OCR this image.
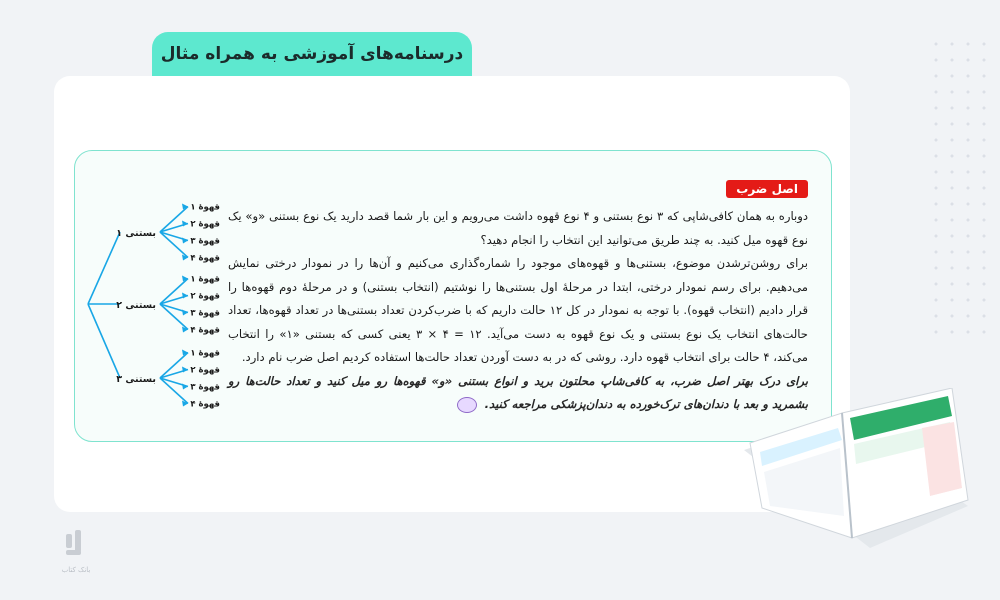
درسنامه‌های آموزشی به همراه مثال
اصل ضرب

دوباره به همان کافی‌شاپی که ۳ نوع بستنی و ۴ نوع قهوه داشت می‌رویم و این بار شما قصد دارید یک نوع بستنی «و» یک نوع قهوه میل کنید. به چند طریق می‌توانید این انتخاب را انجام دهید؟

برای روشن‌ترشدن موضوع، بستنی‌ها و قهوه‌های موجود را شماره‌گذاری می‌کنیم و آن‌ها را در نمودار درختی نمایش می‌دهیم. برای رسم نمودار درختی، ابتدا در مرحلهٔ اول بستنی‌ها را نوشتیم (انتخاب بستنی) و در مرحلهٔ دوم قهوه‌ها را قرار دادیم (انتخاب قهوه). با توجه به نمودار در کل ۱۲ حالت داریم که با ضرب‌کردن تعداد بستنی‌ها در تعداد قهوه‌ها، تعداد حالت‌های انتخاب یک نوع بستنی و یک نوع قهوه به دست می‌آید. ۱۲ = ۴ × ۳ یعنی کسی که بستنی «۱» را انتخاب می‌کند، ۴ حالت برای انتخاب قهوه دارد. روشی که در به دست آوردن تعداد حالت‌ها استفاده کردیم اصل ضرب نام دارد.

برای درک بهتر اصل ضرب، به کافی‌شاپ محلتون برید و انواع بستنی «و» قهوه‌ها رو میل کنید و تعداد حالت‌ها رو بشمرید و بعد با دندان‌های ترک‌خورده به دندان‌پزشکی مراجعه کنید.

بستنی ۱
قهوهٔ ۱
قهوهٔ ۲
قهوهٔ ۳
قهوهٔ ۴
بستنی ۲
قهوهٔ ۱
قهوهٔ ۲
قهوهٔ ۳
قهوهٔ ۴
بستنی ۳
قهوهٔ ۱
قهوهٔ ۲
قهوهٔ ۳
قهوهٔ ۴
بانک کتاب
